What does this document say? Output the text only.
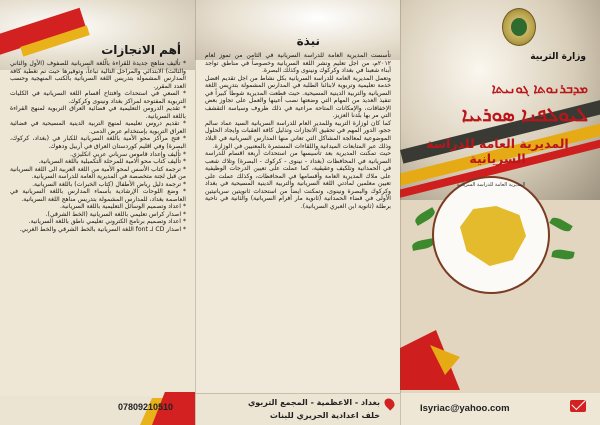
أهم الانجازات

* تأليف مناهج جديدة للقراءة بالّلغة السريانية للصفوف (الأول والثاني والثالث) الابتدائي والمراحل التالية تباعاً، وتوفيرها حيث تم تغطية كافة المدارس المشمولة بتدريس اللغة السريانية بالكتب المنهجية وحسب العدد المقرر.

* السعي في استحداث وافتتاح أقسام اللغة السريانية في الكليات التربوية المفتوحة لمراكز بغداد ونينوى وكركوك.

* تقديم الدروس التعليمية في فضائية العراق التربوية لمنهج القراءة باللغة السريانية.

* تقديم دروس تعليمية لمنهج التربية الدينية المسيحية في فضائية العراق التربوية بإستخدام عرض الدمى.

* فتح مراكز محو الأمية باللغة السريانية للكبار في (بغداد، كركوك، البصرة) وفي اقليم كوردستان العراق في أربيل ودهوك.

* تأليف وإعداد قاموس سرياني عربي انكليزي.

* تأليف كتاب محو الامية للمرحلة التكميلية باللغة السريانية.

* ترجمة كتاب الأسس لمحو الأمية من اللغة العربية الى اللغة السريانية من قبل لجنة متخصصة في المديرية العامة للدراسة السريانية.

* ترجمة دليل رياض الأطفال (كتاب الخبرات) باللغة السريانية.

* وضع اللوحات الإرشادية بأسماء المدارس باللغة السريانية في العاصمة بغداد، للمدارس المشمولة بتدريس مناهج اللغة السريانية.

* اعداد وتصميم الوسائل التعليمية باللغة السريانية.

* اصدار كراس تعليمي باللغة السريانية (الخط الشرقي).

* اعداد وتصميم برنامج الكتروني تعليمي ناطق باللغة السريانية.

* اصدار CD لـ font اللغة السريانية بالخط الشرقي والخط الغربي.

07809210510
نبذة

تأسست المديرية العامة للدراسة السريانية في الثامن من تموز لعام ٢٠١٢م، من اجل تعليم ونشر اللغة السريانية وخصوصاً في مناطق تواجد أبناء شعبنا في بغداد وكركوك ونينوى وكذلك البصرة.

وتعمل المديرية العامة للدراسة السريانية بكل نشاط من اجل تقديم افضل خدمة تعليمية وتربوية لابنائنا الطلبة في المدارس المشمولة بتدريس اللغة السريانية والتربية الدينية المسيحية. حيث قطعت المديرية شوطاً كبيراً في تنفيذ العديد من المهام التي وضعتها نصب أعينها والعمل على تجاوز بعض الإخفاقات، والإمكانات المتاحة مراعية في ذلك ظروف وسياسة التقشف التي مر بها بلدنا العزيز.

كما كان لوزارة التربية وللمدير العام للدراسة السريانية السيد عماد سالم ججو، الدور المهم في تحقيق الانجازات وتذليل كافة العقبات وايجاد الحلول الموضوعية لمعالجة المشاكل التي تعاني منها المدارس السريانية في البلاد وذلك عبر المتابعات الميدانية واللقاءات المستمرة بالمعنيين في الوزارة.

حيث تمكنت المديرية بعد تأسيسها من استحداث أربعة اقسام للدراسة السريانية في المحافظات (بغداد - نينوى - كركوك - البصرة) وتلاك شعب في الحمدانية وتلكيف وعقيقية، كما عملت على تعيين الدرجات الوظيفية على ملاك المديرية العامة وأقسامها في المحافظات، وكذلك عملت على تعيين معلمين لمادتي اللغة السريانية والتربية الدينية المسيحية في بغداد وكركوك والبصرة ونينوى، وتمكنت ايضاً من استحداث ثانويتين سريانيتين الأولى في قضاء الحمدانية (ثانوية مار أفرام السريانية) والثانية في ناحية برطلة (ثانوية ابن العبري السريانية).

بغداد - الاعظمية - المجمع التربوي
خلف اعدادية الحريري للبنات
وزارة التربية
ܡܕܒܪܢܘܬܐ ܓܘܢܝܬܐ
ܠܝܘܠܦܢܐ ܣܘܪܝܝܐ
المديرية العامة للدراسة السريانية
المديرية العامة للدراسة السريانية
Isyriac@yahoo.com
